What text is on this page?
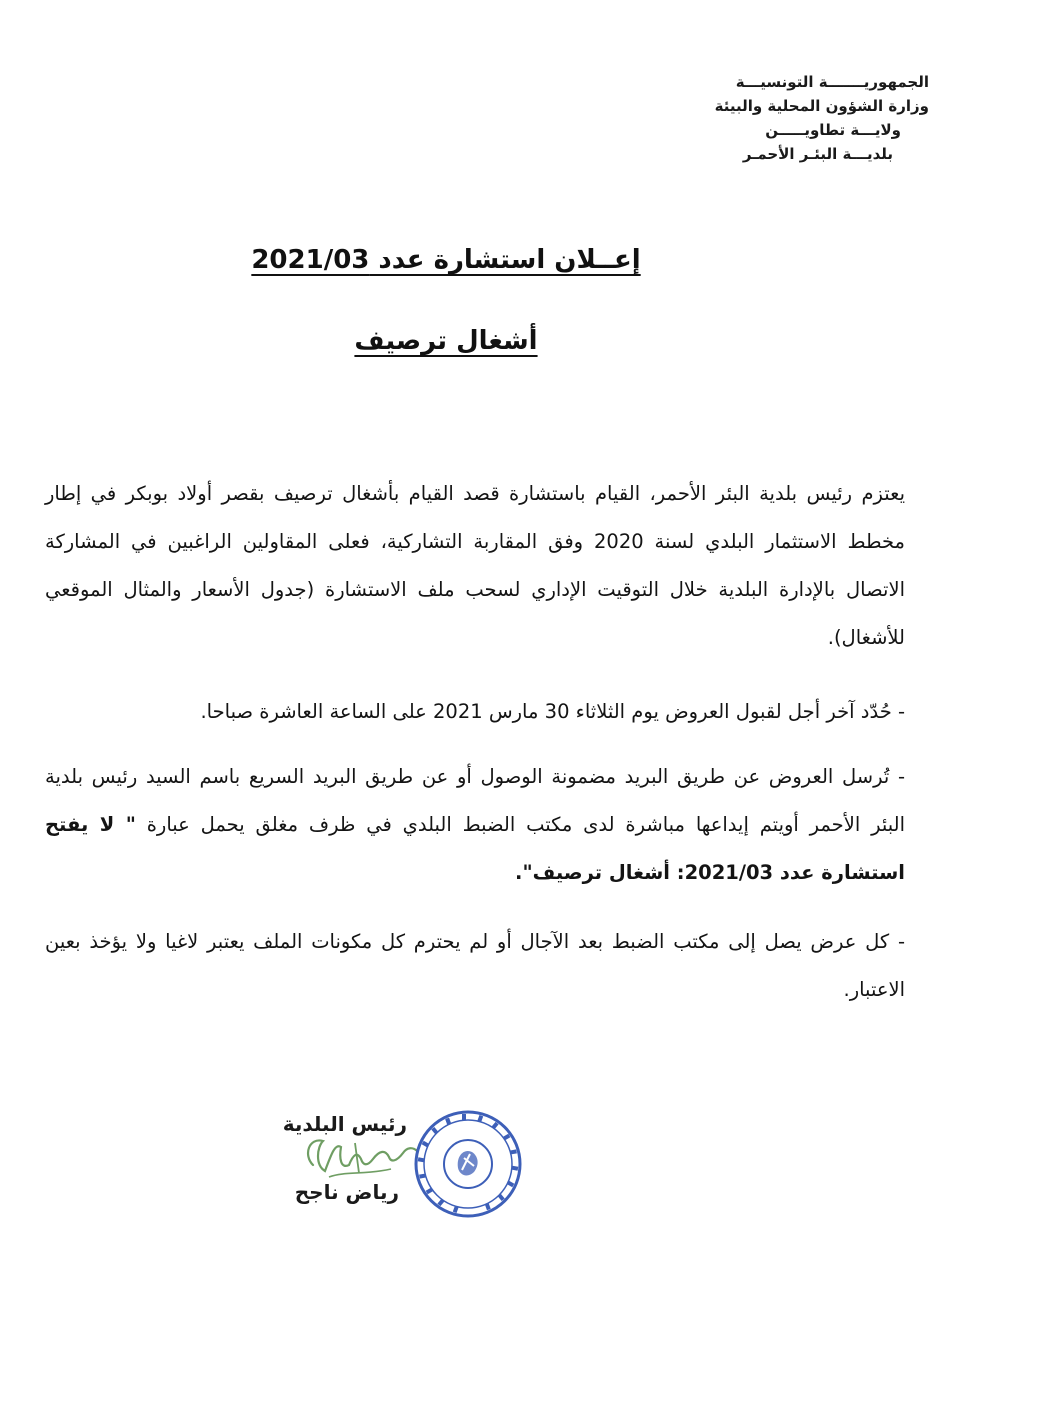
الجمهوريـــــــة التونسيـــة
وزارة الشؤون المحلية والبيئة
ولايـــة تطاويـــــن
بلديـــة البئـر الأحمـر
إعــلان استشارة عدد 2021/03
أشغال ترصيف
يعتزم رئيس بلدية البئر الأحمر، القيام باستشارة قصد القيام بأشغال ترصيف بقصر أولاد بوبكر في إطار مخطط الاستثمار البلدي لسنة 2020 وفق المقاربة التشاركية، فعلى المقاولين الراغبين في المشاركة الاتصال بالإدارة البلدية خلال التوقيت الإداري لسحب ملف الاستشارة (جدول الأسعار والمثال الموقعي للأشغال).
- حُدّد آخر أجل لقبول العروض يوم الثلاثاء 30 مارس 2021 على الساعة العاشرة صباحا.
- تُرسل العروض عن طريق البريد مضمونة الوصول أو عن طريق البريد السريع باسم السيد رئيس بلدية البئر الأحمر أويتم إيداعها مباشرة لدى مكتب الضبط البلدي في ظرف مغلق يحمل عبارة " لا يفتح استشارة عدد 2021/03: أشغال ترصيف".
- كل عرض يصل إلى مكتب الضبط بعد الآجال أو لم يحترم كل مكونات الملف يعتبر لاغيا ولا يؤخذ بعين الاعتبار.
رئيس البلدية
رياض ناجح
